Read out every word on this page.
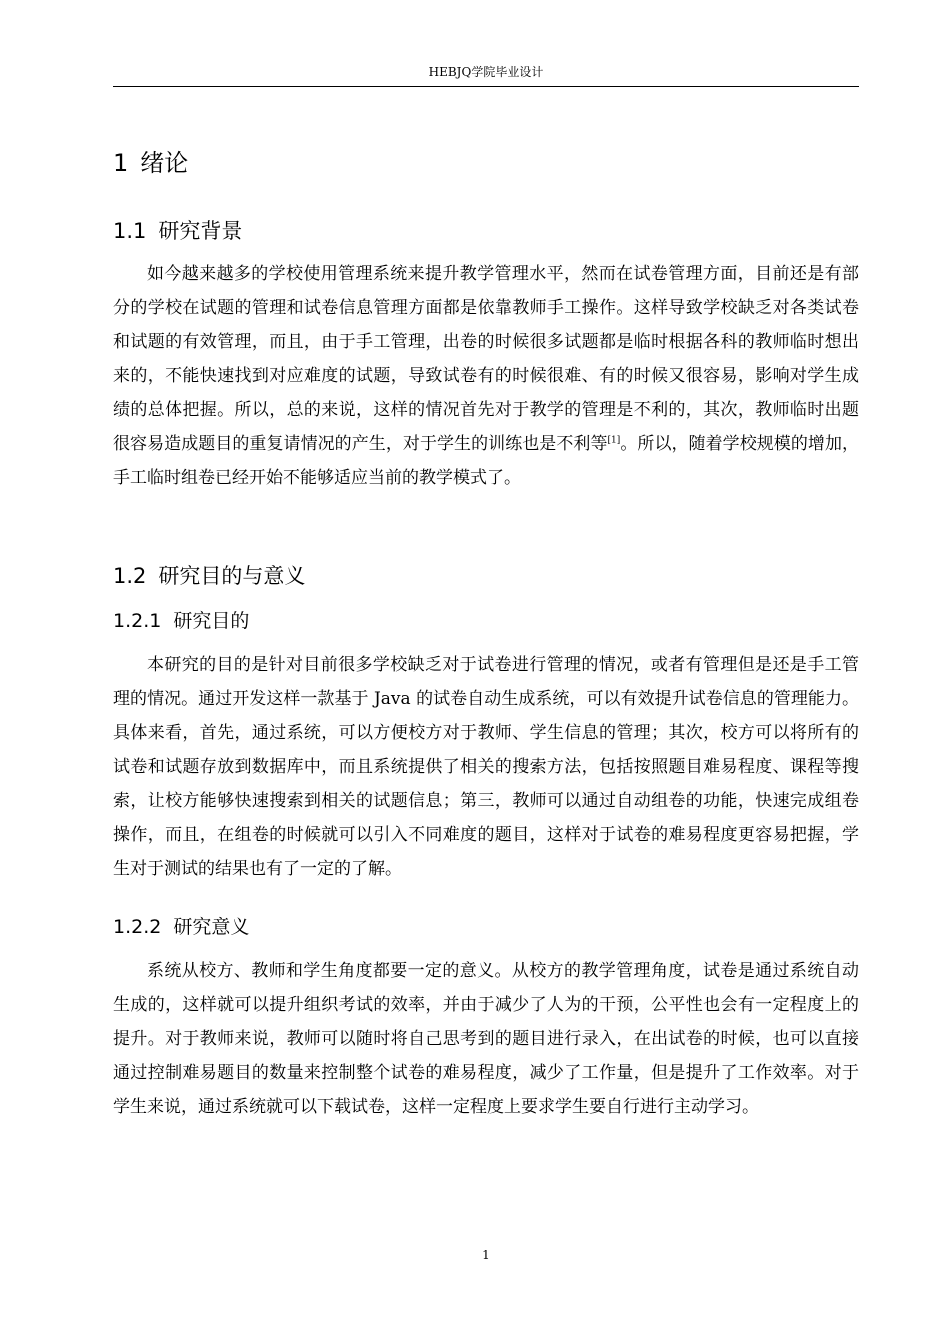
HEBJQ学院毕业设计
1 绪论
1.1 研究背景

如今越来越多的学校使用管理系统来提升教学管理水平，然而在试卷管理方面，目前还是有部分的学校在试题的管理和试卷信息管理方面都是依靠教师手工操作。这样导致学校缺乏对各类试卷和试题的有效管理，而且，由于手工管理，出卷的时候很多试题都是临时根据各科的教师临时想出来的，不能快速找到对应难度的试题，导致试卷有的时候很难、有的时候又很容易，影响对学生成绩的总体把握。所以，总的来说，这样的情况首先对于教学的管理是不利的，其次，教师临时出题很容易造成题目的重复请情况的产生，对于学生的训练也是不利等[1]。所以，随着学校规模的增加，手工临时组卷已经开始不能够适应当前的教学模式了。

1.2 研究目的与意义
1.2.1 研究目的

本研究的目的是针对目前很多学校缺乏对于试卷进行管理的情况，或者有管理但是还是手工管理的情况。通过开发这样一款基于 Java 的试卷自动生成系统，可以有效提升试卷信息的管理能力。具体来看，首先，通过系统，可以方便校方对于教师、学生信息的管理；其次，校方可以将所有的试卷和试题存放到数据库中，而且系统提供了相关的搜索方法，包括按照题目难易程度、课程等搜索，让校方能够快速搜索到相关的试题信息；第三，教师可以通过自动组卷的功能，快速完成组卷操作，而且，在组卷的时候就可以引入不同难度的题目，这样对于试卷的难易程度更容易把握，学生对于测试的结果也有了一定的了解。

1.2.2 研究意义

系统从校方、教师和学生角度都要一定的意义。从校方的教学管理角度，试卷是通过系统自动生成的，这样就可以提升组织考试的效率，并由于减少了人为的干预，公平性也会有一定程度上的提升。对于教师来说，教师可以随时将自己思考到的题目进行录入，在出试卷的时候，也可以直接通过控制难易题目的数量来控制整个试卷的难易程度，减少了工作量，但是提升了工作效率。对于学生来说，通过系统就可以下载试卷，这样一定程度上要求学生要自行进行主动学习。

1
